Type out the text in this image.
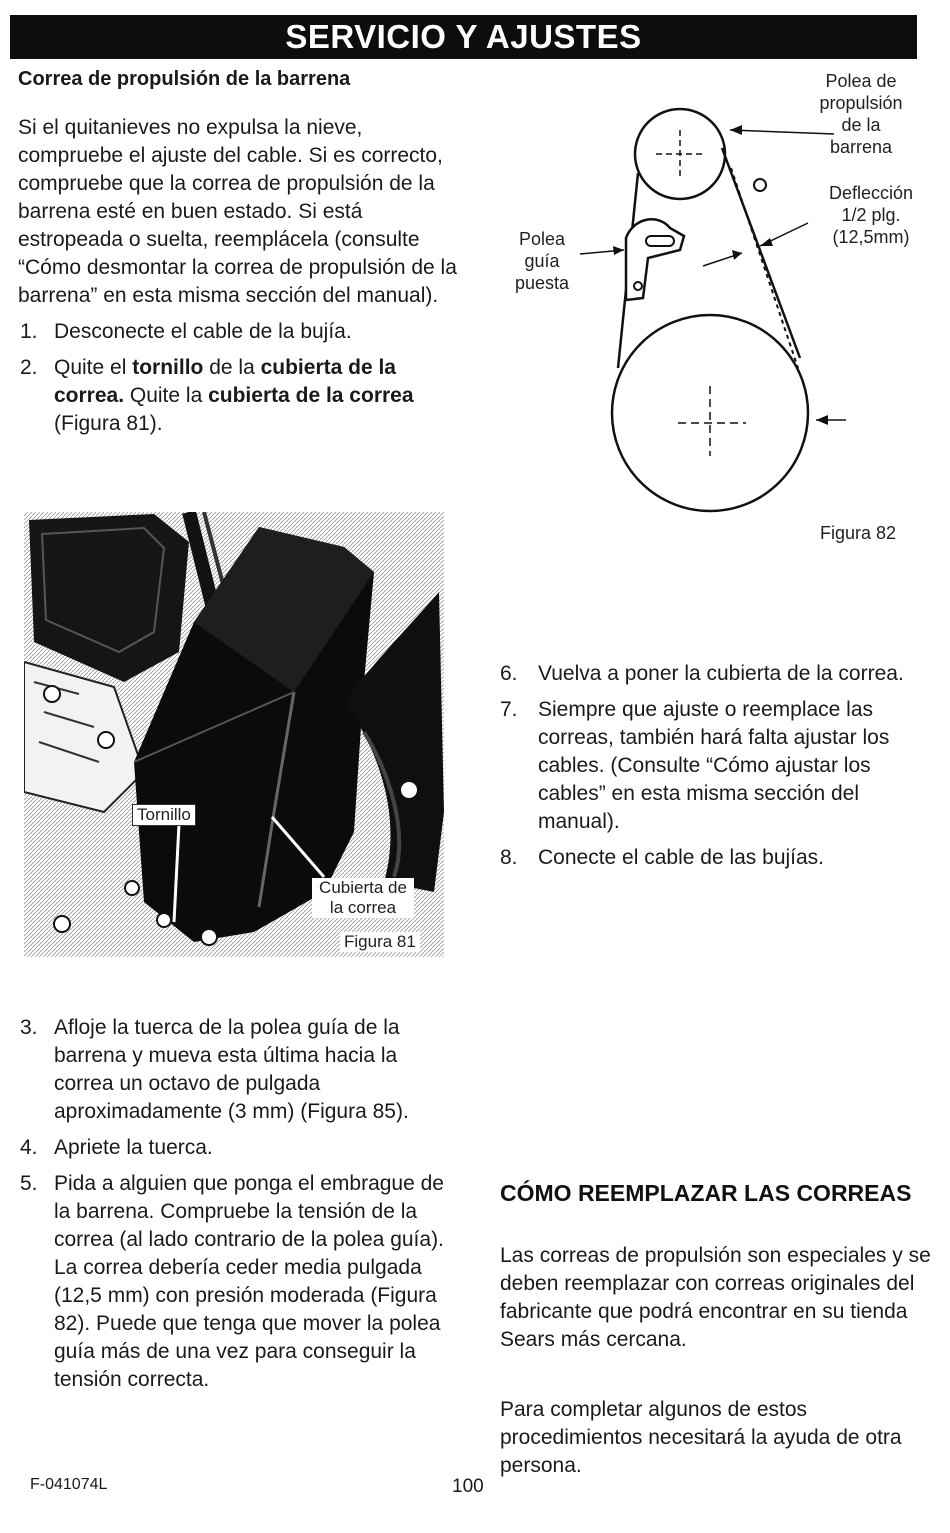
SERVICIO Y AJUSTES
Correa de propulsión de la barrena

Si el quitanieves no expulsa la nieve, compruebe el ajuste del cable. Si es correcto, compruebe que la correa de propulsión de la barrena esté en buen estado. Si está estropeada o suelta, reemplácela (consulte “Cómo desmontar la correa de propulsión de la barrena” en esta misma sección del manual).

1. Desconecte el cable de la bujía.
2. Quite el tornillo de la cubierta de la correa. Quite la cubierta de la correa (Figura 81).
Tornillo
Cubierta de
la correa
Figura 81
Polea de
propulsión
de la
barrena
Deflección
1/2 plg.
(12,5mm)
Polea
guía
puesta
Figura 82
6. Vuelva a poner la cubierta de la correa.
7. Siempre que ajuste o reemplace las correas, también hará falta ajustar los cables. (Consulte “Cómo ajustar los cables” en esta misma sección del manual).
8. Conecte el cable de las bujías.
3. Afloje la tuerca de la polea guía de la barrena y mueva esta última hacia la correa un octavo de pulgada aproximadamente (3 mm) (Figura 85).
4. Apriete la tuerca.
5. Pida a alguien que ponga el embrague de la barrena. Compruebe la tensión de la correa (al lado contrario de la polea guía). La correa debería ceder media pulgada (12,5 mm) con presión moderada (Figura 82). Puede que tenga que mover la polea guía más de una vez para conseguir la tensión correcta.
CÓMO REEMPLAZAR LAS CORREAS

Las correas de propulsión son especiales y se deben reemplazar con correas originales del fabricante que podrá encontrar en su tienda Sears más cercana.

Para completar algunos de estos procedimientos necesitará la ayuda de otra persona.

F-041074L	100
